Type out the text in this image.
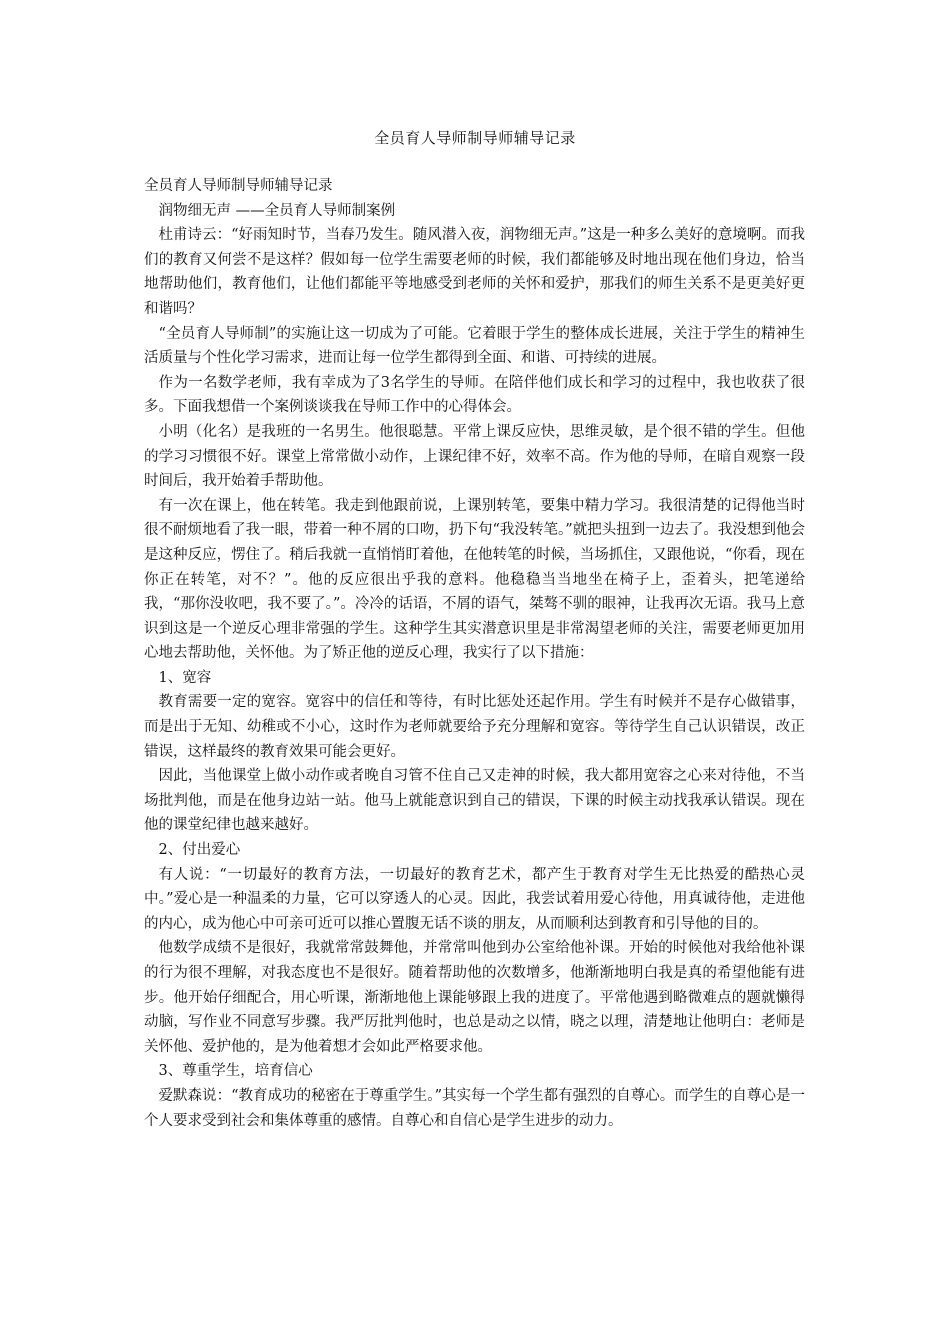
全员育人导师制导师辅导记录

全员育人导师制导师辅导记录

润物细无声 ——全员育人导师制案例

杜甫诗云：“好雨知时节，当春乃发生。随风潜入夜，润物细无声。”这是一种多么美好的意境啊。而我们的教育又何尝不是这样？假如每一位学生需要老师的时候，我们都能够及时地出现在他们身边，恰当地帮助他们，教育他们，让他们都能平等地感受到老师的关怀和爱护，那我们的师生关系不是更美好更和谐吗？

“全员育人导师制”的实施让这一切成为了可能。它着眼于学生的整体成长进展，关注于学生的精神生活质量与个性化学习需求，进而让每一位学生都得到全面、和谐、可持续的进展。

作为一名数学老师，我有幸成为了3名学生的导师。在陪伴他们成长和学习的过程中，我也收获了很多。下面我想借一个案例谈谈我在导师工作中的心得体会。

小明（化名）是我班的一名男生。他很聪慧。平常上课反应快，思维灵敏，是个很不错的学生。但他的学习习惯很不好。课堂上常常做小动作，上课纪律不好，效率不高。作为他的导师，在暗自观察一段时间后，我开始着手帮助他。

有一次在课上，他在转笔。我走到他跟前说，上课别转笔，要集中精力学习。我很清楚的记得他当时很不耐烦地看了我一眼，带着一种不屑的口吻，扔下句“我没转笔。”就把头扭到一边去了。我没想到他会是这种反应，愣住了。稍后我就一直悄悄盯着他，在他转笔的时候，当场抓住，又跟他说，“你看，现在你正在转笔，对不？”。他的反应很出乎我的意料。他稳稳当当地坐在椅子上，歪着头，把笔递给我，“那你没收吧，我不要了。”。冷冷的话语，不屑的语气，桀骜不驯的眼神，让我再次无语。我马上意识到这是一个逆反心理非常强的学生。这种学生其实潜意识里是非常渴望老师的关注，需要老师更加用心地去帮助他，关怀他。为了矫正他的逆反心理，我实行了以下措施：

1、宽容

教育需要一定的宽容。宽容中的信任和等待，有时比惩处还起作用。学生有时候并不是存心做错事，而是出于无知、幼稚或不小心，这时作为老师就要给予充分理解和宽容。等待学生自己认识错误，改正错误，这样最终的教育效果可能会更好。

因此，当他课堂上做小动作或者晚自习管不住自己又走神的时候，我大都用宽容之心来对待他，不当场批判他，而是在他身边站一站。他马上就能意识到自己的错误，下课的时候主动找我承认错误。现在他的课堂纪律也越来越好。

2、付出爱心

有人说：“一切最好的教育方法，一切最好的教育艺术，都产生于教育对学生无比热爱的酷热心灵中。”爱心是一种温柔的力量，它可以穿透人的心灵。因此，我尝试着用爱心待他，用真诚待他，走进他的内心，成为他心中可亲可近可以推心置腹无话不谈的朋友，从而顺利达到教育和引导他的目的。

他数学成绩不是很好，我就常常鼓舞他，并常常叫他到办公室给他补课。开始的时候他对我给他补课的行为很不理解，对我态度也不是很好。随着帮助他的次数增多，他渐渐地明白我是真的希望他能有进步。他开始仔细配合，用心听课，渐渐地他上课能够跟上我的进度了。平常他遇到略微难点的题就懒得动脑，写作业不同意写步骤。我严厉批判他时，也总是动之以情，晓之以理，清楚地让他明白：老师是关怀他、爱护他的，是为他着想才会如此严格要求他。

3、尊重学生，培育信心

爱默森说：“教育成功的秘密在于尊重学生。”其实每一个学生都有强烈的自尊心。而学生的自尊心是一个人要求受到社会和集体尊重的感情。自尊心和自信心是学生进步的动力。
